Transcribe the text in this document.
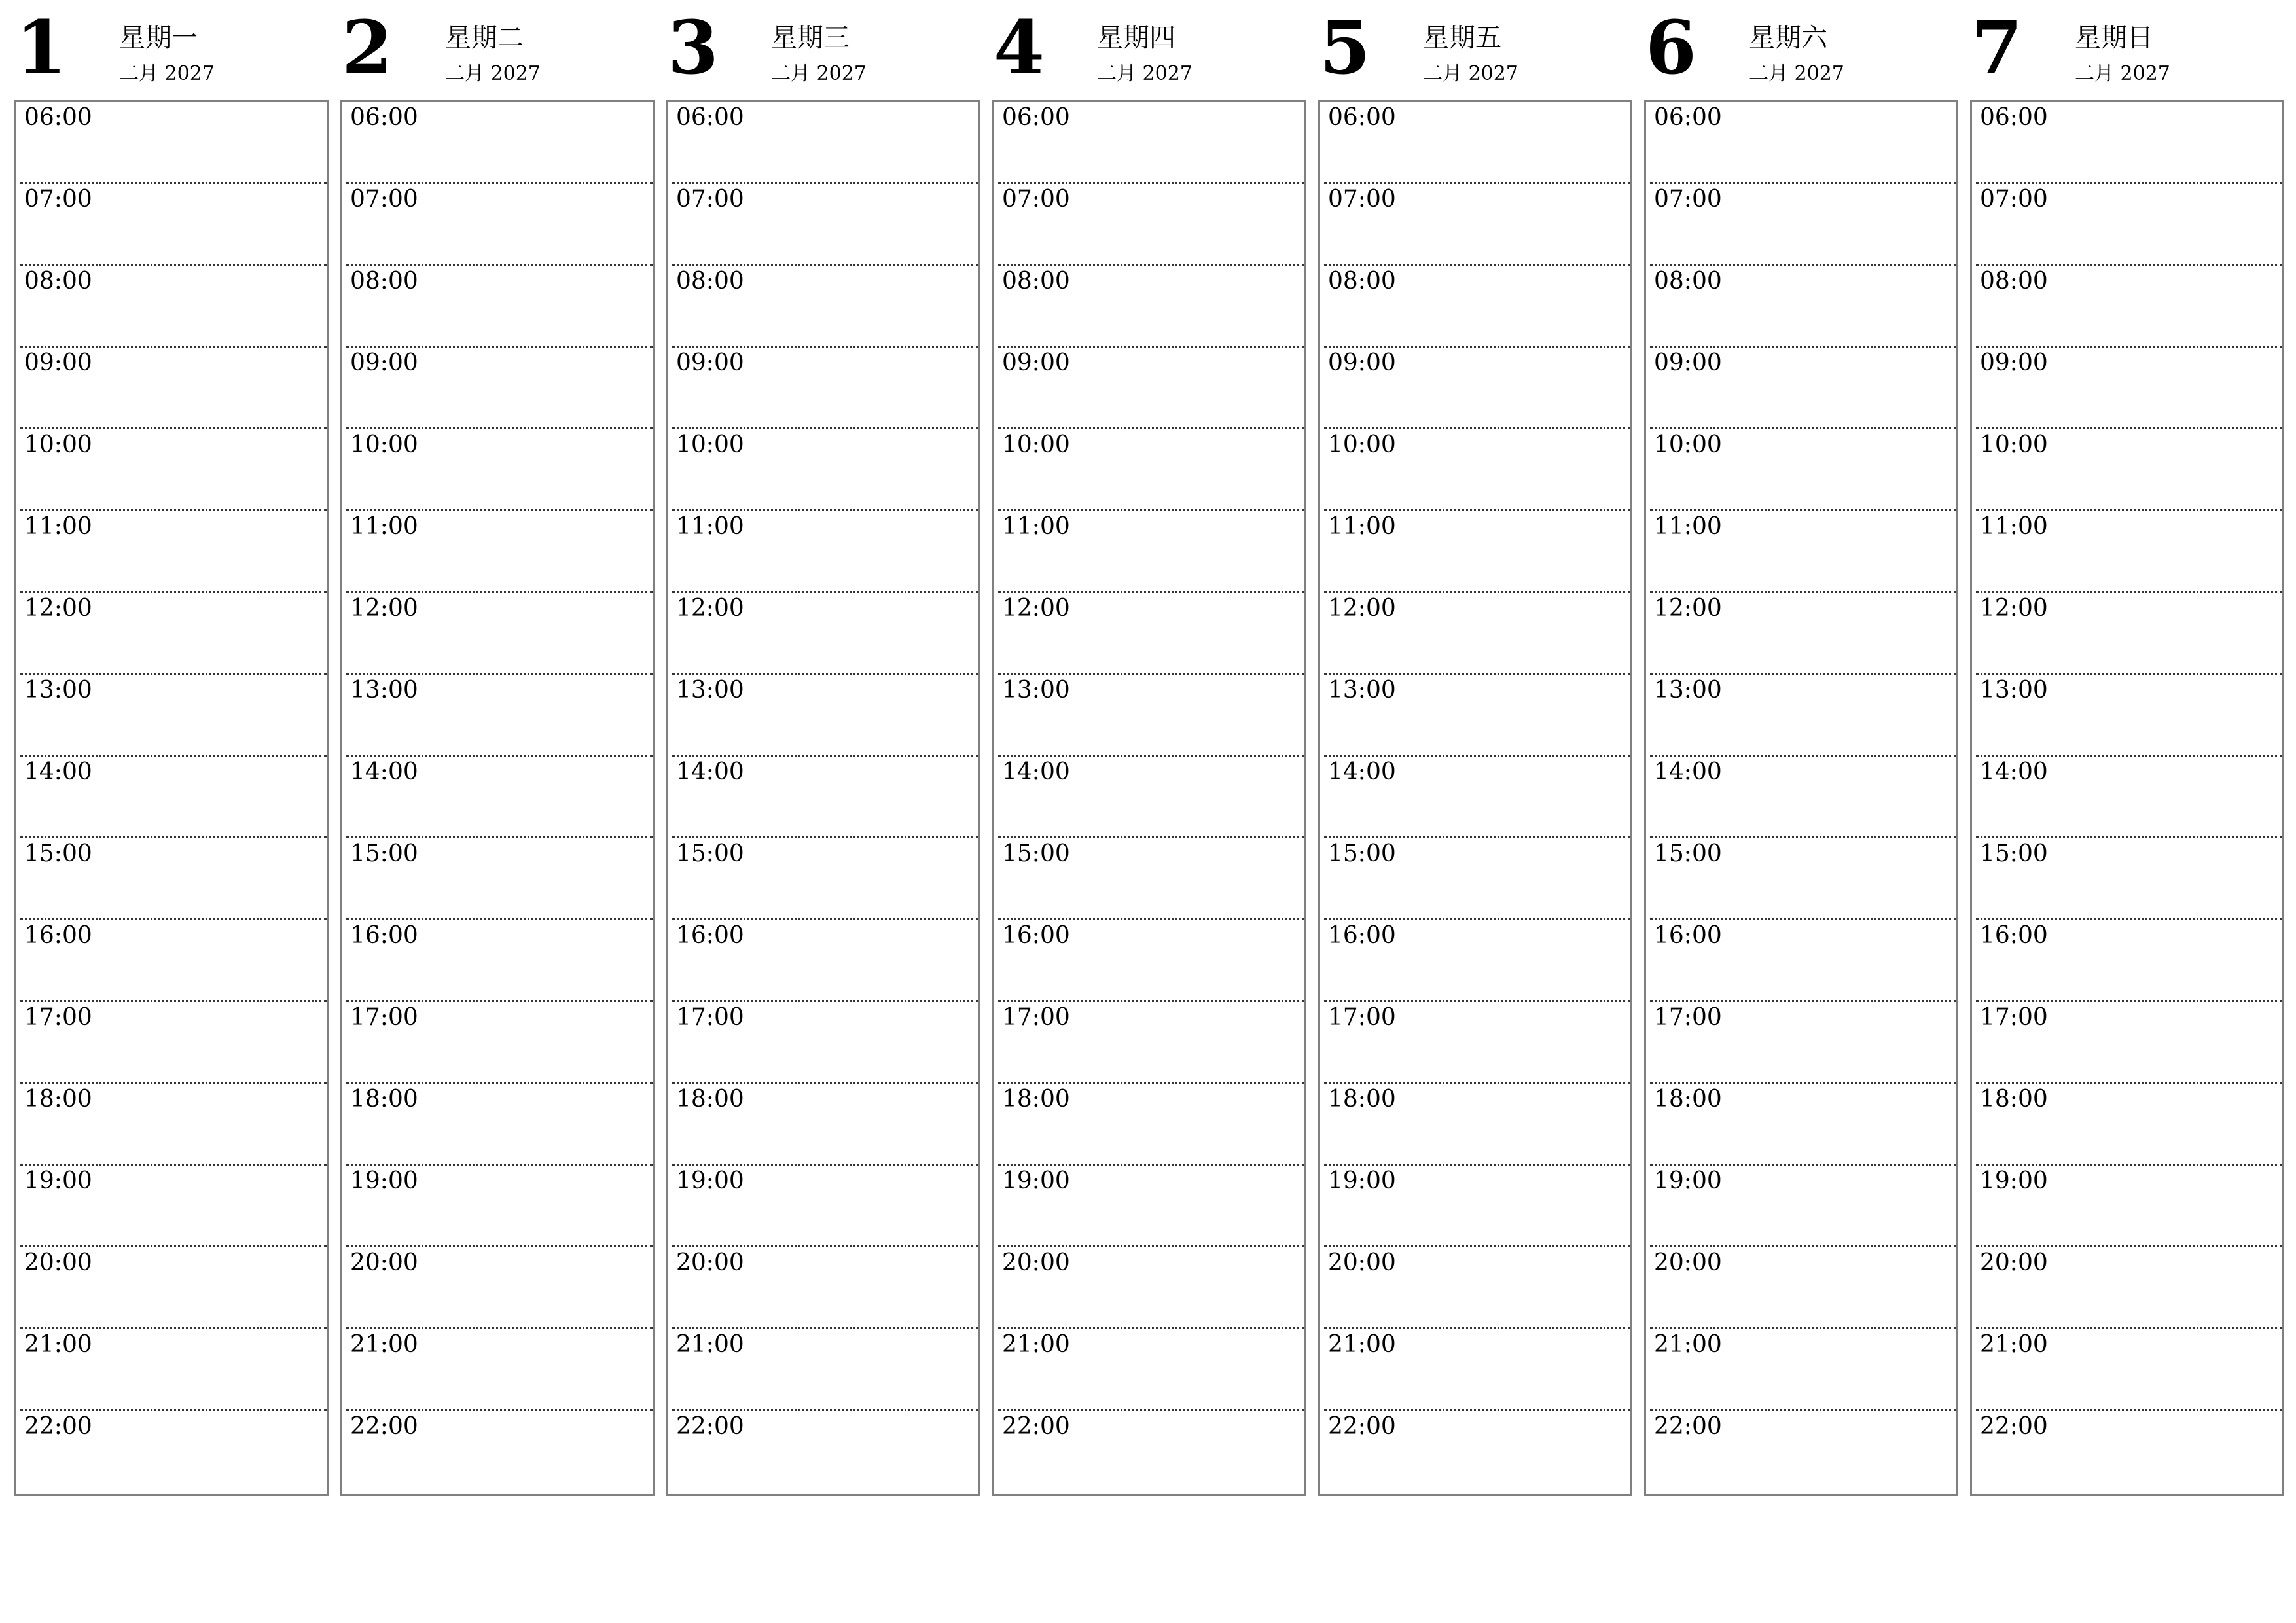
1 星期一
二月 2027
06:00
07:00
08:00
09:00
10:00
11:00
12:00
13:00
14:00
15:00
16:00
17:00
18:00
19:00
20:00
21:00
22:00
2 星期二
二月 2027
06:00
07:00
08:00
09:00
10:00
11:00
12:00
13:00
14:00
15:00
16:00
17:00
18:00
19:00
20:00
21:00
22:00
3 星期三
二月 2027
06:00
07:00
08:00
09:00
10:00
11:00
12:00
13:00
14:00
15:00
16:00
17:00
18:00
19:00
20:00
21:00
22:00
4 星期四
二月 2027
06:00
07:00
08:00
09:00
10:00
11:00
12:00
13:00
14:00
15:00
16:00
17:00
18:00
19:00
20:00
21:00
22:00
5 星期五
二月 2027
06:00
07:00
08:00
09:00
10:00
11:00
12:00
13:00
14:00
15:00
16:00
17:00
18:00
19:00
20:00
21:00
22:00
6 星期六
二月 2027
06:00
07:00
08:00
09:00
10:00
11:00
12:00
13:00
14:00
15:00
16:00
17:00
18:00
19:00
20:00
21:00
22:00
7 星期日
二月 2027
06:00
07:00
08:00
09:00
10:00
11:00
12:00
13:00
14:00
15:00
16:00
17:00
18:00
19:00
20:00
21:00
22:00
